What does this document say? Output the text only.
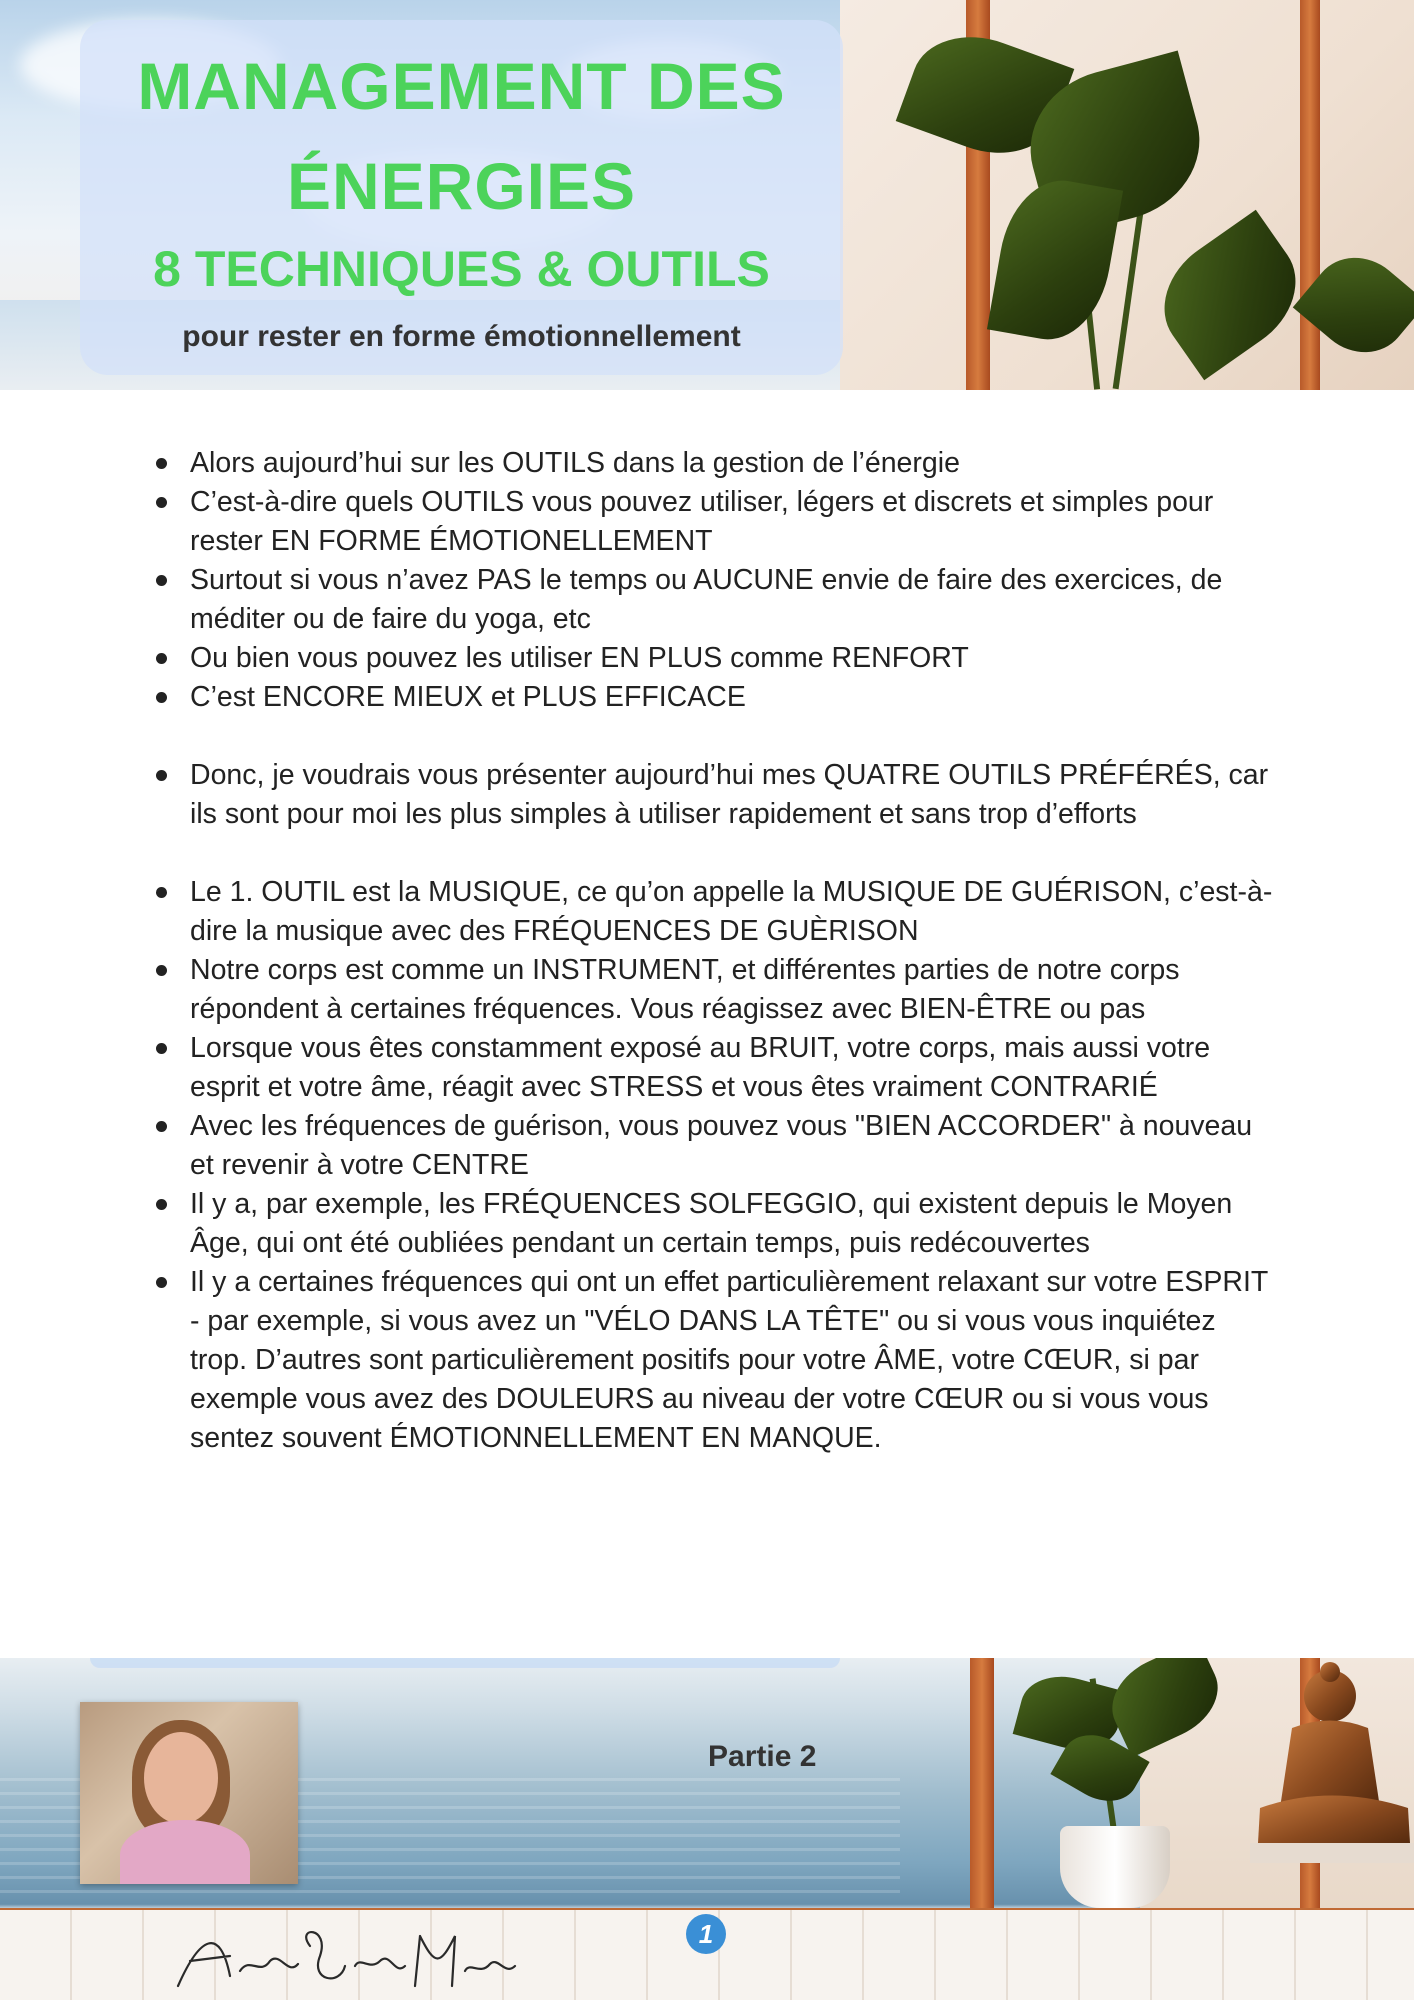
MANAGEMENT DES
ÉNERGIES
8 TECHNIQUES & OUTILS

pour rester en forme émotionnellement

Alors aujourd’hui sur les OUTILS dans la gestion de l’énergie
C’est-à-dire quels OUTILS vous pouvez utiliser, légers et discrets et simples pour rester EN FORME ÉMOTIONELLEMENT
Surtout si vous n’avez PAS le temps ou AUCUNE envie de faire des exercices, de méditer ou de faire du yoga, etc
Ou bien vous pouvez les utiliser EN PLUS comme RENFORT
C’est ENCORE MIEUX et PLUS EFFICACE
Donc, je voudrais vous présenter aujourd’hui mes QUATRE OUTILS PRÉFÉRÉS, car ils sont pour moi les plus simples à utiliser rapidement et sans trop d’efforts
Le 1. OUTIL est la MUSIQUE, ce qu’on appelle la MUSIQUE DE GUÉRISON, c’est-à-dire la musique avec des FRÉQUENCES DE GUÈRISON
Notre corps est comme un INSTRUMENT, et différentes parties de notre corps répondent à certaines fréquences. Vous réagissez avec BIEN-ÊTRE ou pas
Lorsque vous êtes constamment exposé au BRUIT, votre corps, mais aussi votre esprit et votre âme, réagit avec STRESS et vous êtes vraiment CONTRARIÉ
Avec les fréquences de guérison, vous pouvez vous "BIEN ACCORDER" à nouveau et revenir à votre CENTRE
Il y a, par exemple, les FRÉQUENCES SOLFEGGIO, qui existent depuis le Moyen Âge, qui ont été oubliées pendant un certain temps, puis redécouvertes
Il y a certaines fréquences qui ont un effet particulièrement relaxant sur votre ESPRIT - par exemple, si vous avez un "VÉLO DANS LA TÊTE" ou si vous vous inquiétez trop. D’autres sont particulièrement positifs pour votre ÂME, votre CŒUR, si par exemple vous avez des DOULEURS au niveau der votre CŒUR ou si vous vous sentez souvent ÉMOTIONNELLEMENT EN MANQUE.

Partie 2

1
